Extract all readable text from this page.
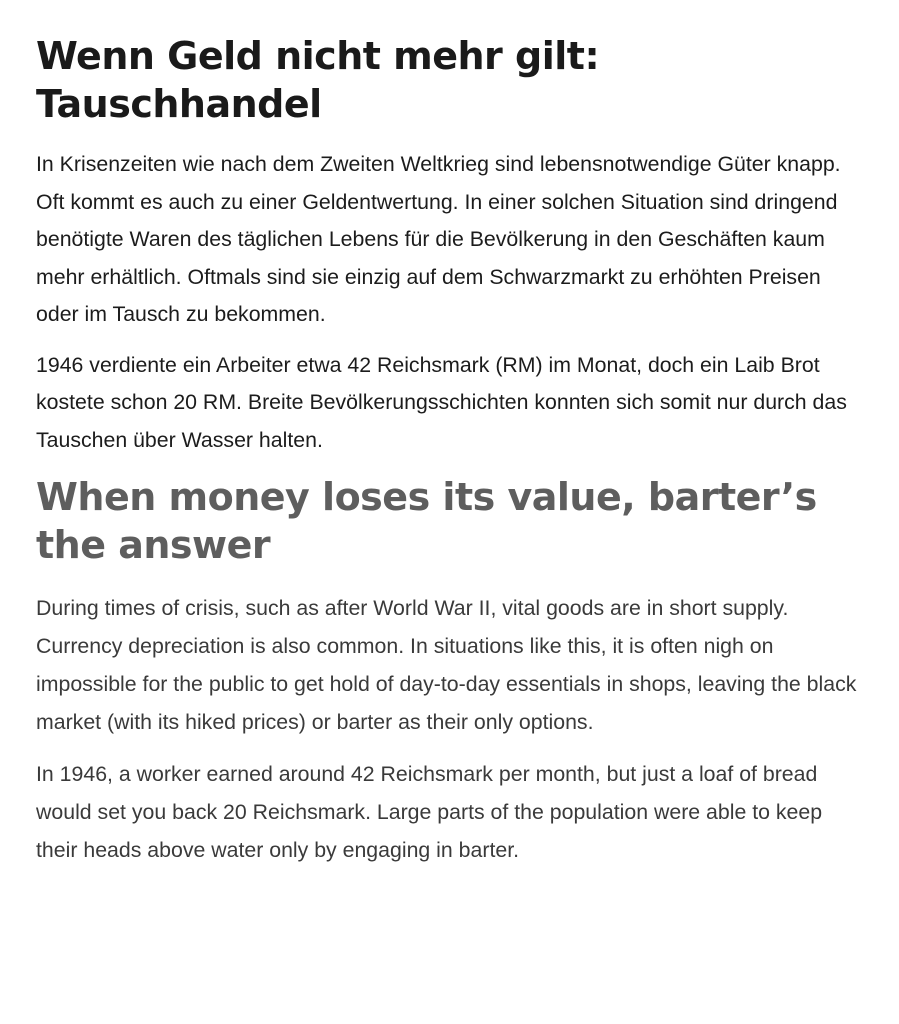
Wenn Geld nicht mehr gilt: Tauschhandel

In Krisenzeiten wie nach dem Zweiten Weltkrieg sind lebensnotwendige Güter knapp. Oft kommt es auch zu einer Geldentwertung. In einer solchen Situation sind dringend benötigte Waren des täglichen Lebens für die Bevölkerung in den Geschäften kaum mehr erhältlich. Oftmals sind sie einzig auf dem Schwarzmarkt zu erhöhten Preisen oder im Tausch zu bekommen.

1946 verdiente ein Arbeiter etwa 42 Reichsmark (RM) im Monat, doch ein Laib Brot kostete schon 20 RM. Breite Bevölkerungsschichten konnten sich somit nur durch das Tauschen über Wasser halten.

When money loses its value, barter’s the answer

During times of crisis, such as after World War II, vital goods are in short supply. Currency depreciation is also common. In situations like this, it is often nigh on impossible for the public to get hold of day-to-day essentials in shops, leaving the black market (with its hiked prices) or barter as their only options.

In 1946, a worker earned around 42 Reichsmark per month, but just a loaf of bread would set you back 20 Reichsmark. Large parts of the population were able to keep their heads above water only by engaging in barter.
